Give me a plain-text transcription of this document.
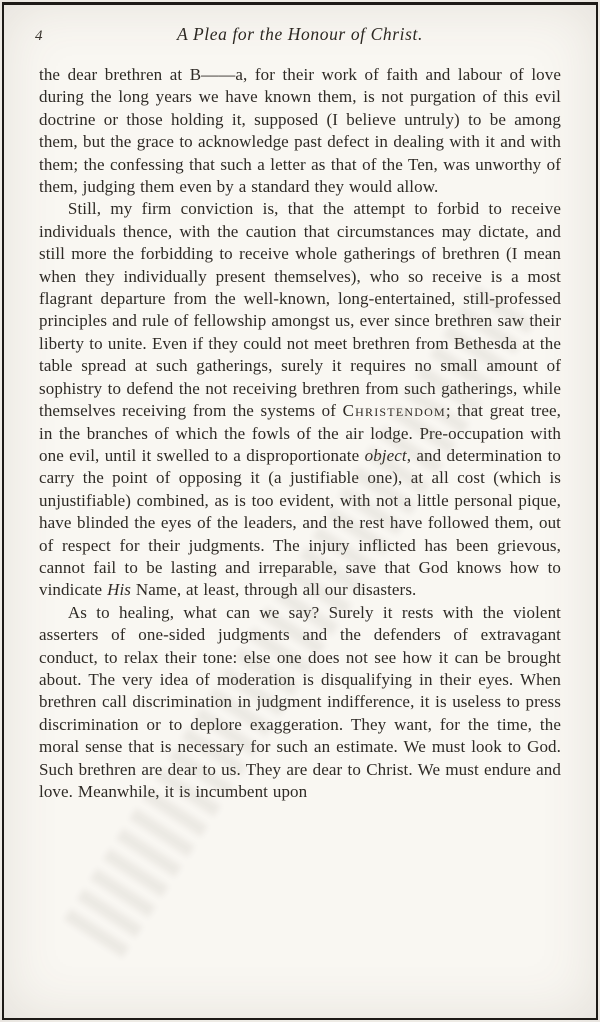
4	A Plea for the Honour of Christ.

the dear brethren at B——a, for their work of faith and labour of love during the long years we have known them, is not purgation of this evil doctrine or those holding it, supposed (I believe untruly) to be among them, but the grace to acknowledge past defect in dealing with it and with them; the confessing that such a letter as that of the Ten, was unworthy of them, judging them even by a standard they would allow.

Still, my firm conviction is, that the attempt to forbid to receive individuals thence, with the caution that circumstances may dictate, and still more the forbidding to receive whole gatherings of brethren (I mean when they individually present themselves), who so receive is a most flagrant departure from the well-known, long-entertained, still-professed principles and rule of fellowship amongst us, ever since brethren saw their liberty to unite. Even if they could not meet brethren from Bethesda at the table spread at such gatherings, surely it requires no small amount of sophistry to defend the not receiving brethren from such gatherings, while themselves receiving from the systems of Christendom; that great tree, in the branches of which the fowls of the air lodge. Pre-occupation with one evil, until it swelled to a disproportionate object, and determination to carry the point of opposing it (a justifiable one), at all cost (which is unjustifiable) combined, as is too evident, with not a little personal pique, have blinded the eyes of the leaders, and the rest have followed them, out of respect for their judgments. The injury inflicted has been grievous, cannot fail to be lasting and irreparable, save that God knows how to vindicate His Name, at least, through all our disasters.

As to healing, what can we say? Surely it rests with the violent asserters of one-sided judgments and the defenders of extravagant conduct, to relax their tone: else one does not see how it can be brought about. The very idea of moderation is disqualifying in their eyes. When brethren call discrimination in judgment indifference, it is useless to press discrimination or to deplore exaggeration. They want, for the time, the moral sense that is necessary for such an estimate. We must look to God. Such brethren are dear to us. They are dear to Christ. We must endure and love. Meanwhile, it is incumbent upon
